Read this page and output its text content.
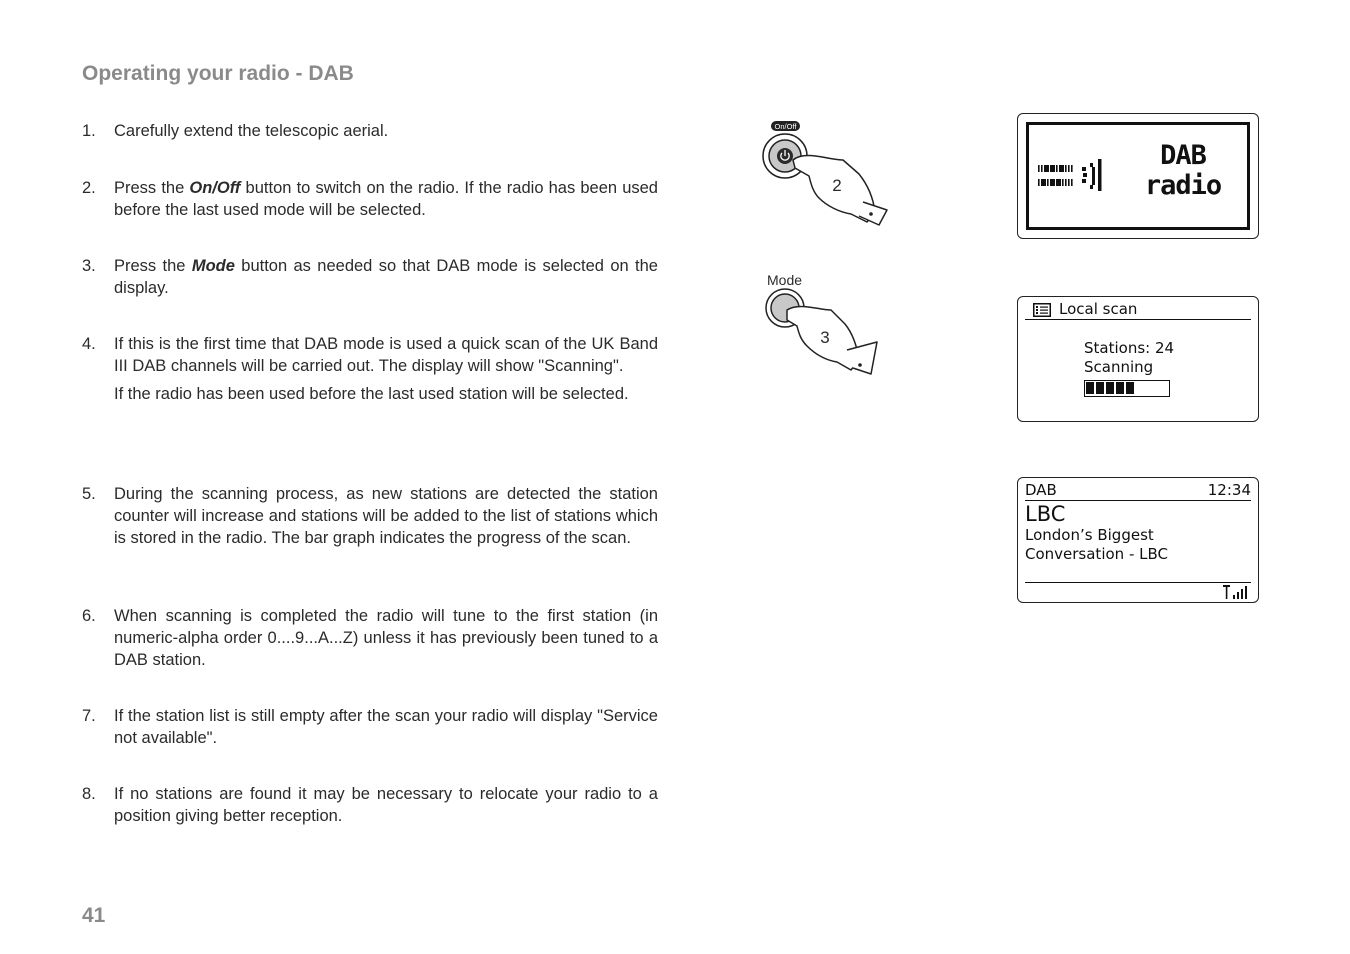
Operating your radio - DAB
1.	Carefully extend the telescopic aerial.

2.	Press the On/Off button to switch on the radio. If the radio has been used before the last used mode will be selected.

3.	Press the Mode button as needed so that DAB mode is selected on the display.

4.	If this is the first time that DAB mode is used a quick scan of the UK Band III DAB channels will be carried out. The display will show "Scanning".

If the radio has been used before the last used station will be selected.

5.	During the scanning process, as new stations are detected the station counter will increase and stations will be added to the list of stations which is stored in the radio. The bar graph indicates the progress of the scan.

6.	When scanning is completed the radio will tune to the first station (in numeric-alpha order 0....9...A...Z) unless it has previously been tuned to a DAB station.

7.	If the station list is still empty after the scan your radio will display "Service not available".

8.	If no stations are found it may be necessary to relocate your radio to a position giving better reception.

41
On/Off
2
Mode
3
DAB
radio
Local scan
Stations: 24
Scanning
DAB	12:34
LBC
London’s Biggest
Conversation - LBC
